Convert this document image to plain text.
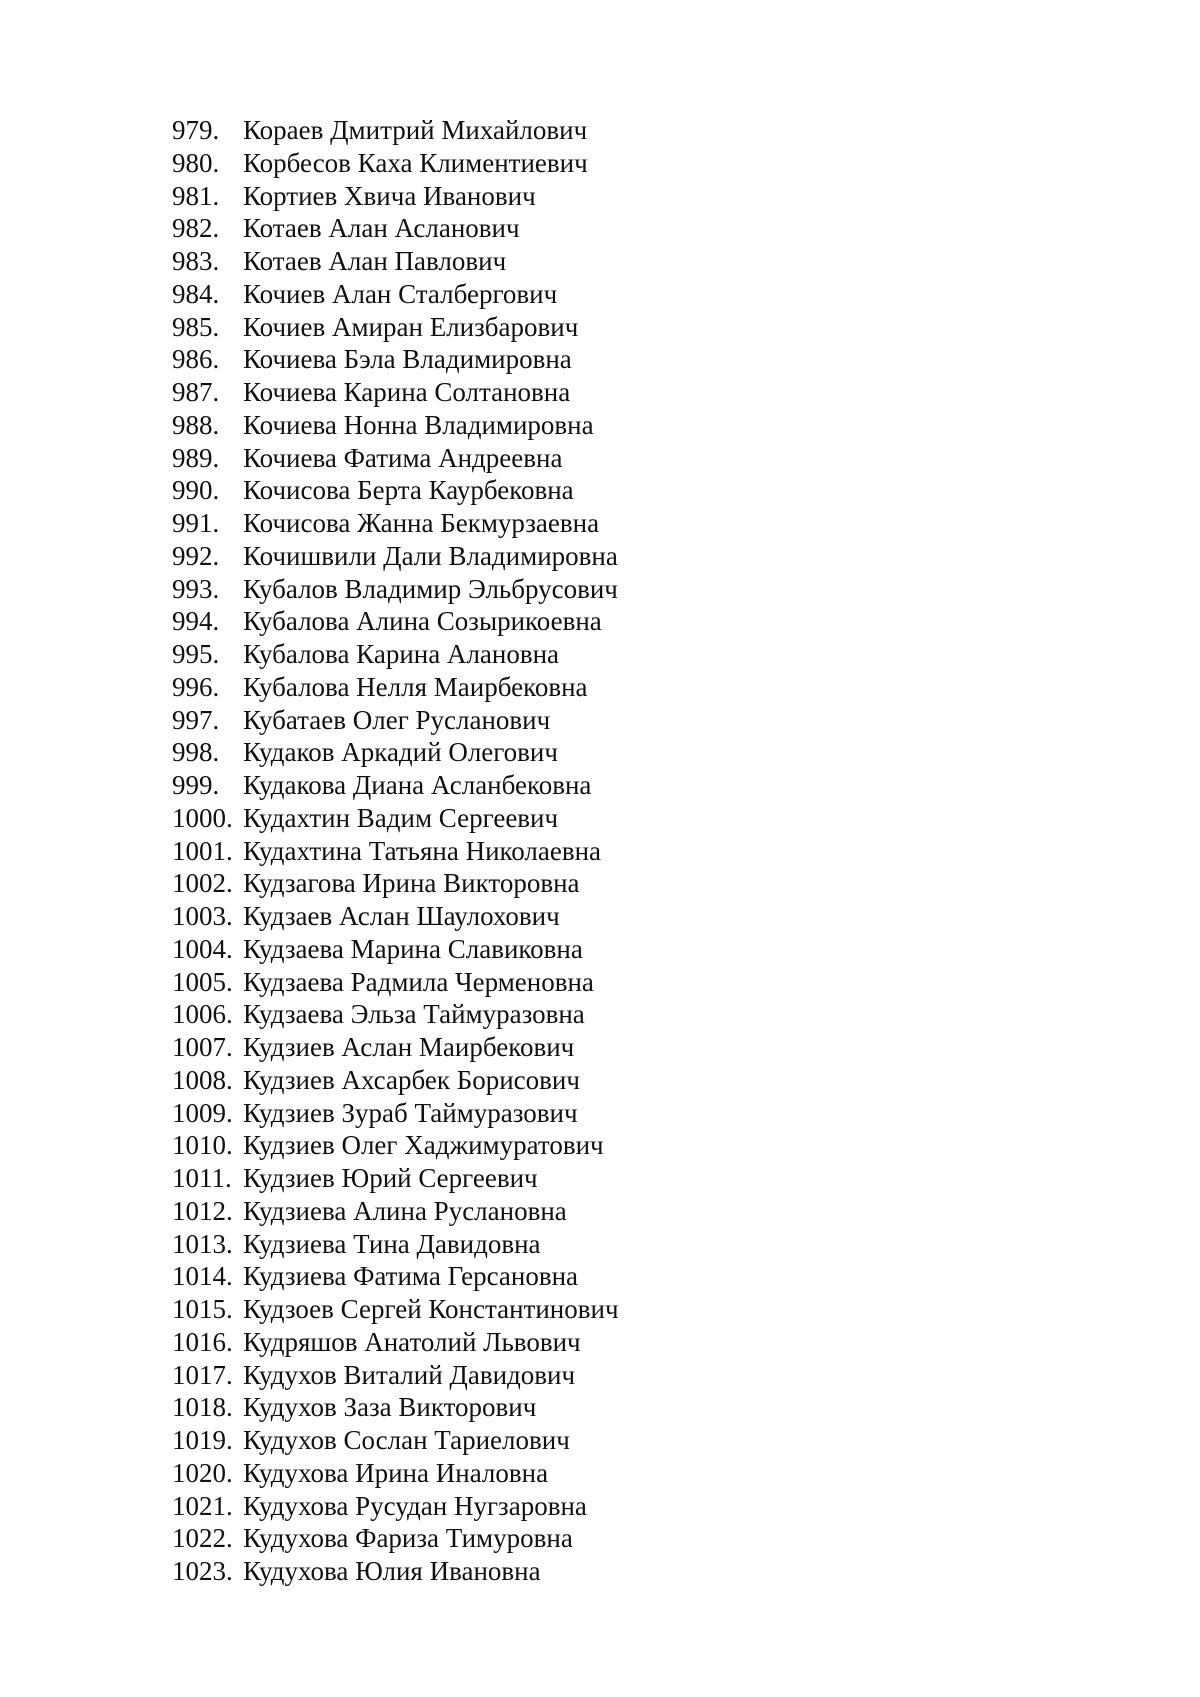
979. Кораев Дмитрий Михайлович
980. Корбесов Каха Климентиевич
981. Кортиев Хвича Иванович
982. Котаев Алан Асланович
983. Котаев Алан Павлович
984. Кочиев Алан Сталбергович
985. Кочиев Амиран Елизбарович
986. Кочиева Бэла Владимировна
987. Кочиева Карина Солтановна
988. Кочиева Нонна Владимировна
989. Кочиева Фатима Андреевна
990. Кочисова Берта Каурбековна
991. Кочисова Жанна Бекмурзаевна
992. Кочишвили Дали Владимировна
993. Кубалов Владимир Эльбрусович
994. Кубалова Алина Созырикоевна
995. Кубалова Карина Алановна
996. Кубалова Нелля Маирбековна
997. Кубатаев Олег Русланович
998. Кудаков Аркадий Олегович
999. Кудакова Диана Асланбековна
1000. Кудахтин Вадим Сергеевич
1001. Кудахтина Татьяна Николаевна
1002. Кудзагова Ирина Викторовна
1003. Кудзаев Аслан Шаулохович
1004. Кудзаева Марина Славиковна
1005. Кудзаева Радмила Черменовна
1006. Кудзаева Эльза Таймуразовна
1007. Кудзиев Аслан Маирбекович
1008. Кудзиев Ахсарбек Борисович
1009. Кудзиев Зураб Таймуразович
1010. Кудзиев Олег Хаджимуратович
1011. Кудзиев Юрий Сергеевич
1012. Кудзиева Алина Руслановна
1013. Кудзиева Тина Давидовна
1014. Кудзиева Фатима Герсановна
1015. Кудзоев Сергей Константинович
1016. Кудряшов Анатолий Львович
1017. Кудухов Виталий Давидович
1018. Кудухов Заза Викторович
1019. Кудухов Сослан Тариелович
1020. Кудухова Ирина Иналовна
1021. Кудухова Русудан Нугзаровна
1022. Кудухова Фариза Тимуровна
1023. Кудухова Юлия Ивановна
